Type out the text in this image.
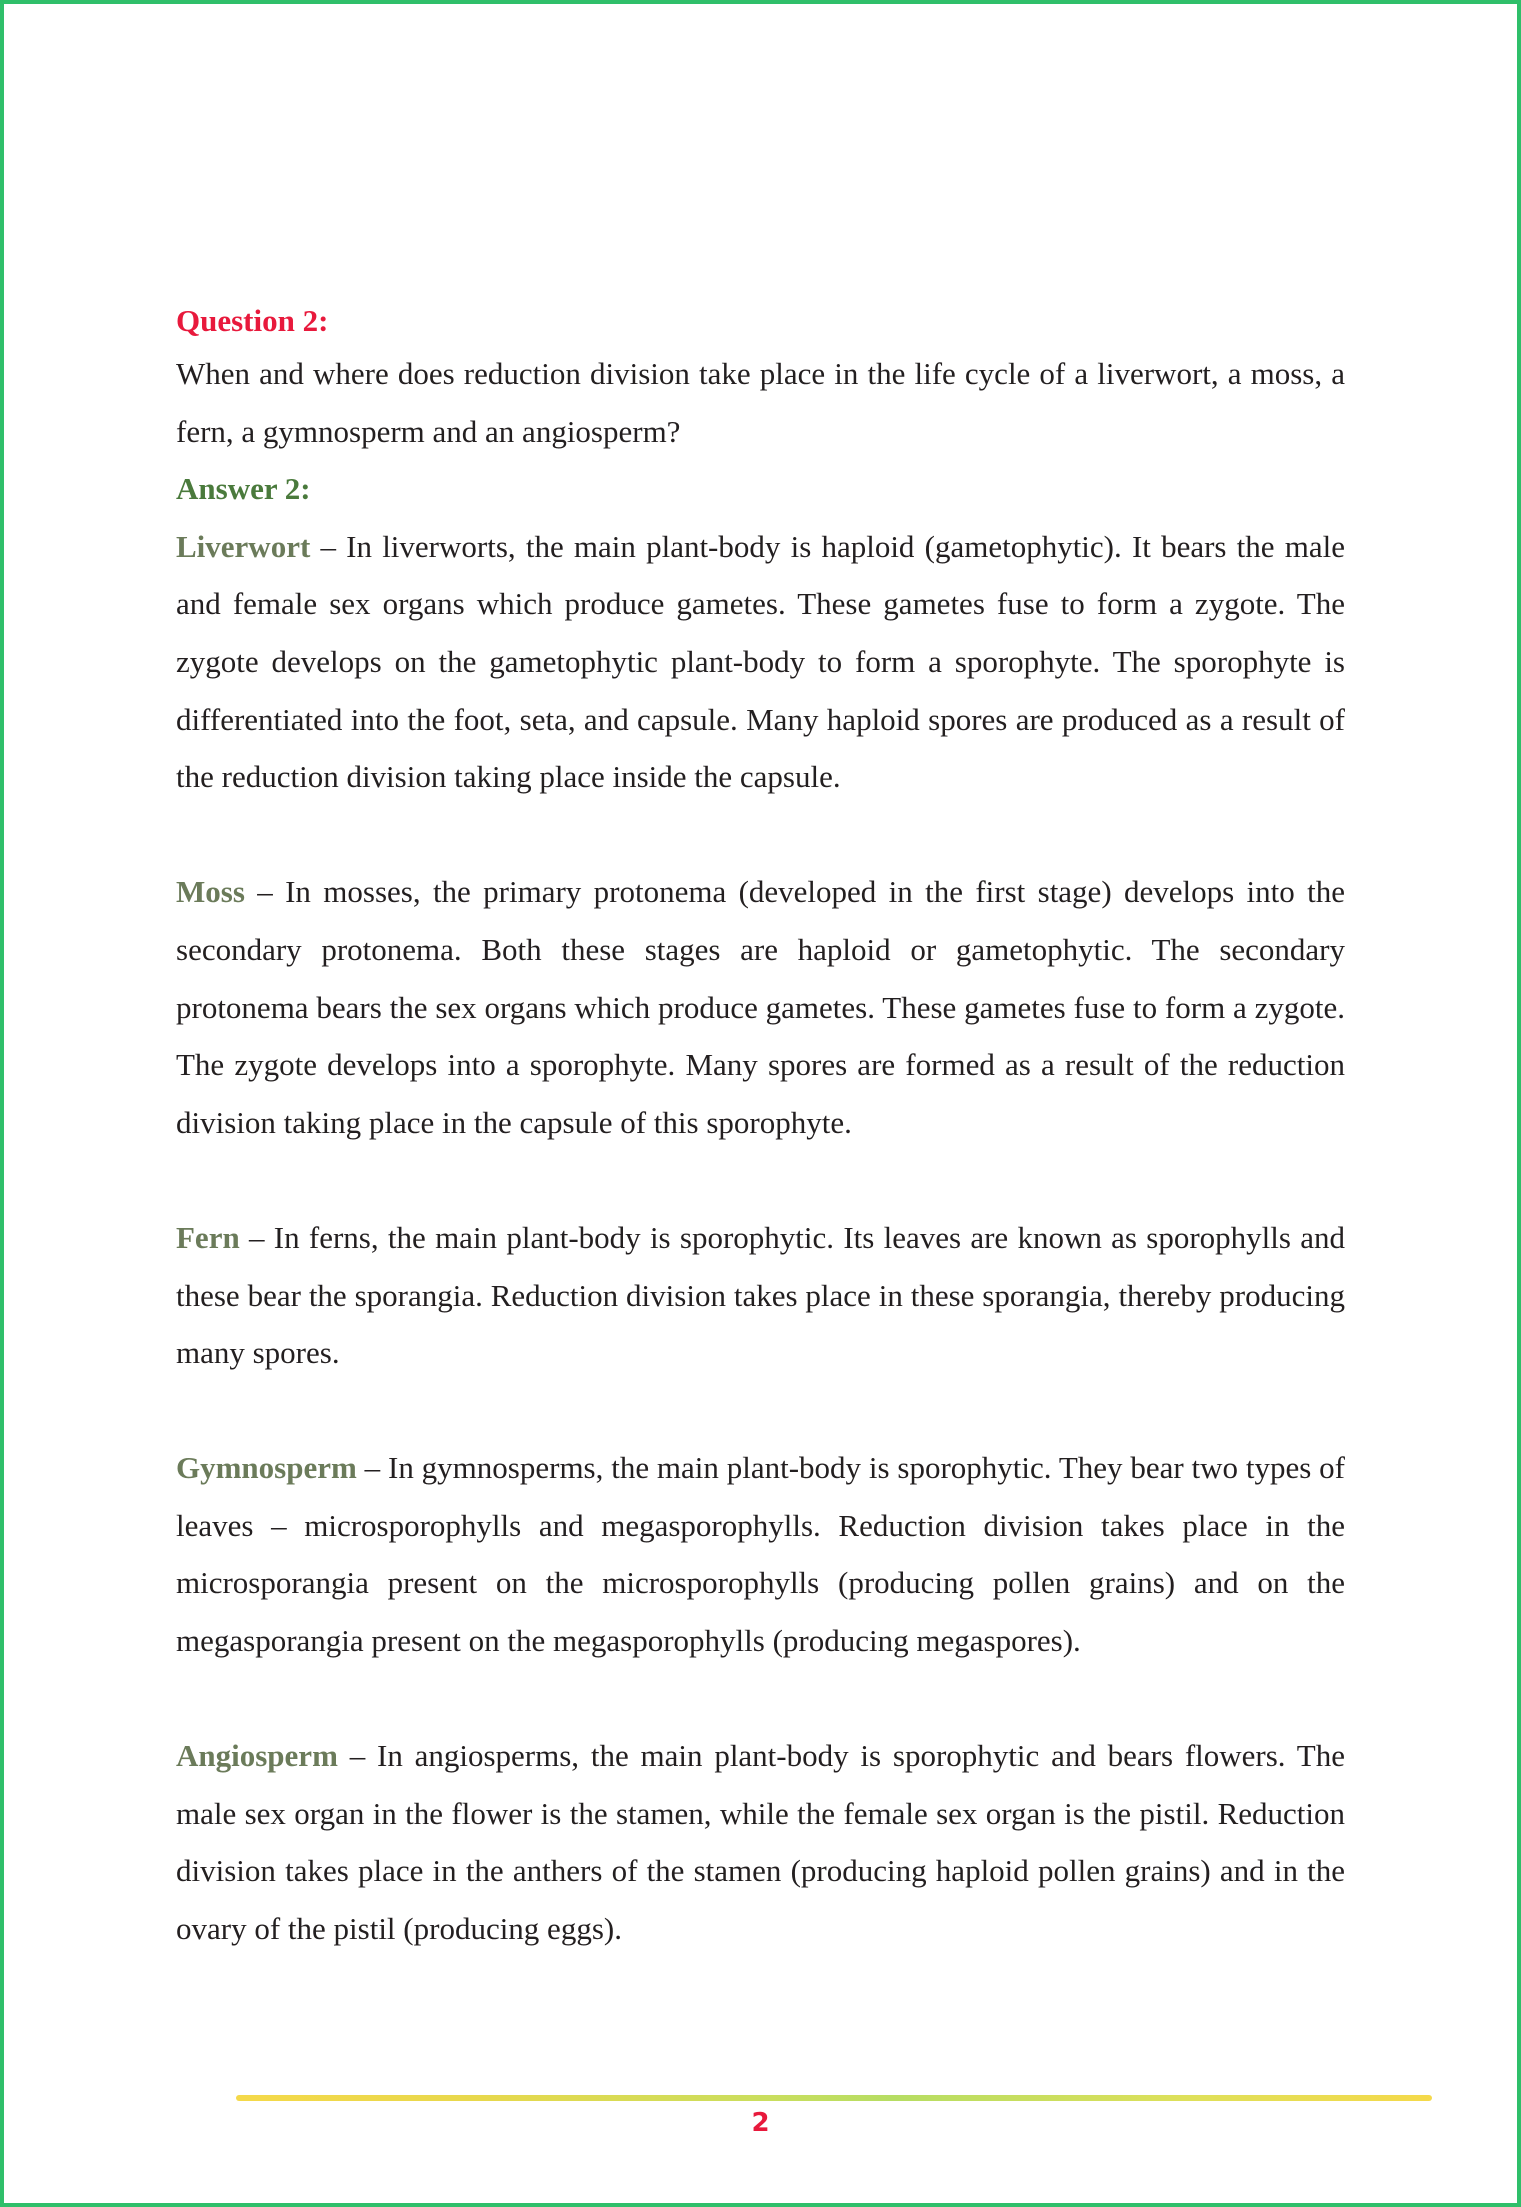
Question 2:

When and where does reduction division take place in the life cycle of a liverwort, a moss, a fern, a gymnosperm and an angiosperm?

Answer 2:

Liverwort – In liverworts, the main plant-body is haploid (gametophytic). It bears the male and female sex organs which produce gametes. These gametes fuse to form a zygote. The zygote develops on the gametophytic plant-body to form a sporophyte. The sporophyte is differentiated into the foot, seta, and capsule. Many haploid spores are produced as a result of the reduction division taking place inside the capsule.

Moss – In mosses, the primary protonema (developed in the first stage) develops into the secondary protonema. Both these stages are haploid or gametophytic. The secondary protonema bears the sex organs which produce gametes. These gametes fuse to form a zygote. The zygote develops into a sporophyte. Many spores are formed as a result of the reduction division taking place in the capsule of this sporophyte.

Fern – In ferns, the main plant-body is sporophytic. Its leaves are known as sporophylls and these bear the sporangia. Reduction division takes place in these sporangia, thereby producing many spores.

Gymnosperm – In gymnosperms, the main plant-body is sporophytic. They bear two types of leaves – microsporophylls and megasporophylls. Reduction division takes place in the microsporangia present on the microsporophylls (producing pollen grains) and on the megasporangia present on the megasporophylls (producing megaspores).

Angiosperm – In angiosperms, the main plant-body is sporophytic and bears flowers. The male sex organ in the flower is the stamen, while the female sex organ is the pistil. Reduction division takes place in the anthers of the stamen (producing haploid pollen grains) and in the ovary of the pistil (producing eggs).

2
